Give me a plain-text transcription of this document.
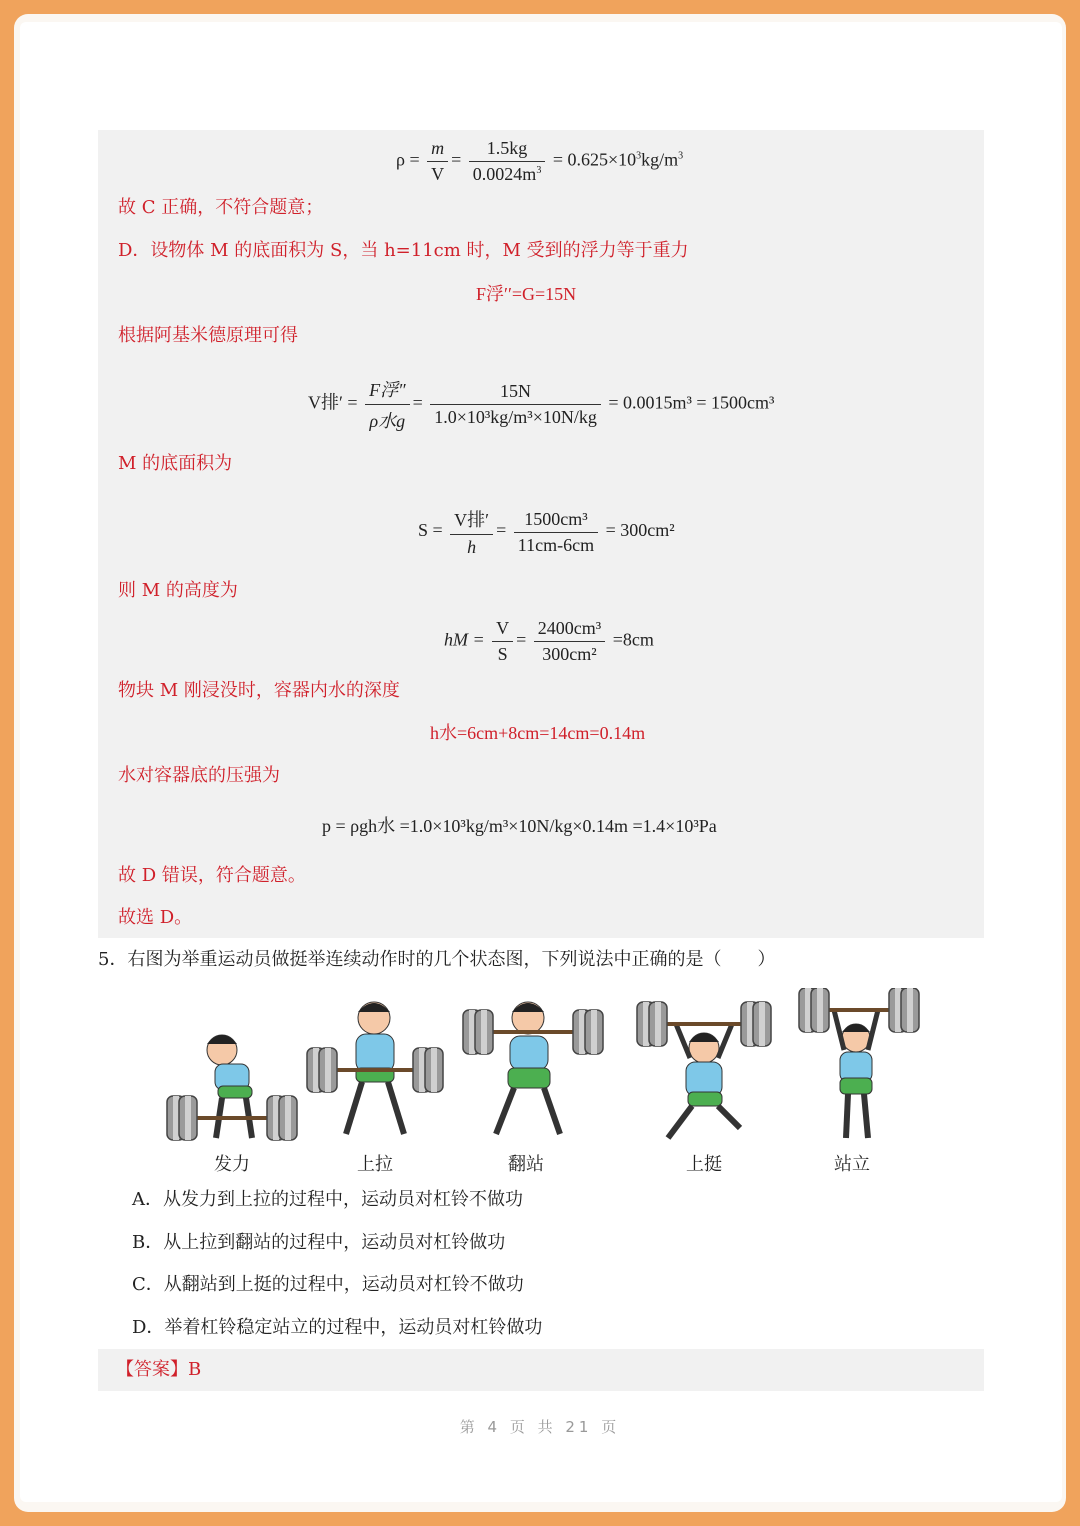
$\rho = \frac{m}{V} = \frac{1.5kg}{0.0024m^3} = 0.625\times 10^3kg/m^3$
故 C 正确，不符合题意；
D．设物体 M 的底面积为 S，当 h=11cm 时，M 受到的浮力等于重力
F浮′′=G=15N
根据阿基米德原理可得
V排′ = $\frac{\text{F浮″}}{\text{ρ水g}} = \frac{15N}{\text{1.0×10³kg/m³×10N/kg}} = 0.0015m^3 = 1500cm^3$
M 的底面积为
$S = \frac{\text{V排′}}{h} = \frac{\text{1500cm³}}{11cm-6cm} = 300cm^2$
则 M 的高度为
hM = $\frac{V}{S} = \frac{\text{2400cm³}}{\text{300cm²}} =8cm$
物块 M 刚浸没时，容器内水的深度
h水=6cm+8cm=14cm=0.14m
水对容器底的压强为
p = ρgh水 =1.0×10³kg/m³×10N/kg×0.14m =1.4×10³Pa
故 D 错误，符合题意。
故选 D。
5．右图为举重运动员做挺举连续动作时的几个状态图，下列说法中正确的是（　　）
发力	上拉	翻站	上挺	站立
A．从发力到上拉的过程中，运动员对杠铃不做功
B．从上拉到翻站的过程中，运动员对杠铃做功
C．从翻站到上挺的过程中，运动员对杠铃不做功
D．举着杠铃稳定站立的过程中，运动员对杠铃做功
【答案】B
第 4 页 共 21 页
